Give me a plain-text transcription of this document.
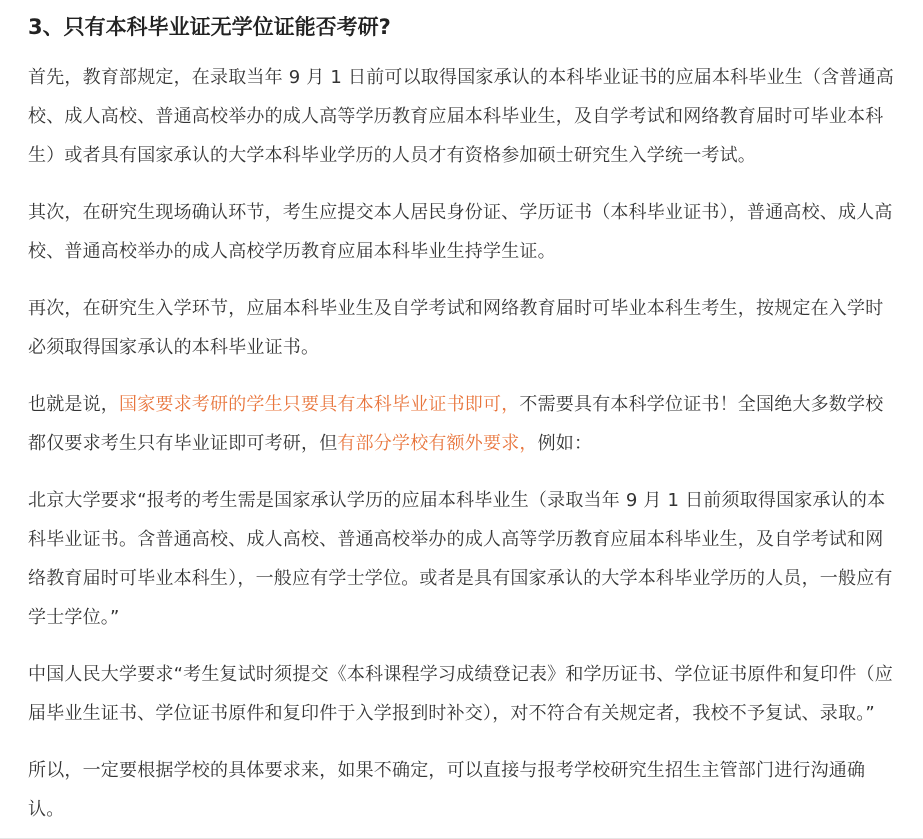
3、只有本科毕业证无学位证能否考研?

首先，教育部规定，在录取当年 9 月 1 日前可以取得国家承认的本科毕业证书的应届本科毕业生（含普通高校、成人高校、普通高校举办的成人高等学历教育应届本科毕业生，及自学考试和网络教育届时可毕业本科生）或者具有国家承认的大学本科毕业学历的人员才有资格参加硕士研究生入学统一考试。

其次，在研究生现场确认环节，考生应提交本人居民身份证、学历证书（本科毕业证书），普通高校、成人高校、普通高校举办的成人高校学历教育应届本科毕业生持学生证。

再次，在研究生入学环节，应届本科毕业生及自学考试和网络教育届时可毕业本科生考生，按规定在入学时必须取得国家承认的本科毕业证书。

也就是说，国家要求考研的学生只要具有本科毕业证书即可，不需要具有本科学位证书！全国绝大多数学校都仅要求考生只有毕业证即可考研，但有部分学校有额外要求，例如：

北京大学要求“报考的考生需是国家承认学历的应届本科毕业生（录取当年 9 月 1 日前须取得国家承认的本科毕业证书。含普通高校、成人高校、普通高校举办的成人高等学历教育应届本科毕业生，及自学考试和网络教育届时可毕业本科生），一般应有学士学位。或者是具有国家承认的大学本科毕业学历的人员，一般应有学士学位。”

中国人民大学要求“考生复试时须提交《本科课程学习成绩登记表》和学历证书、学位证书原件和复印件（应届毕业生证书、学位证书原件和复印件于入学报到时补交），对不符合有关规定者，我校不予复试、录取。”

所以，一定要根据学校的具体要求来，如果不确定，可以直接与报考学校研究生招生主管部门进行沟通确认。
